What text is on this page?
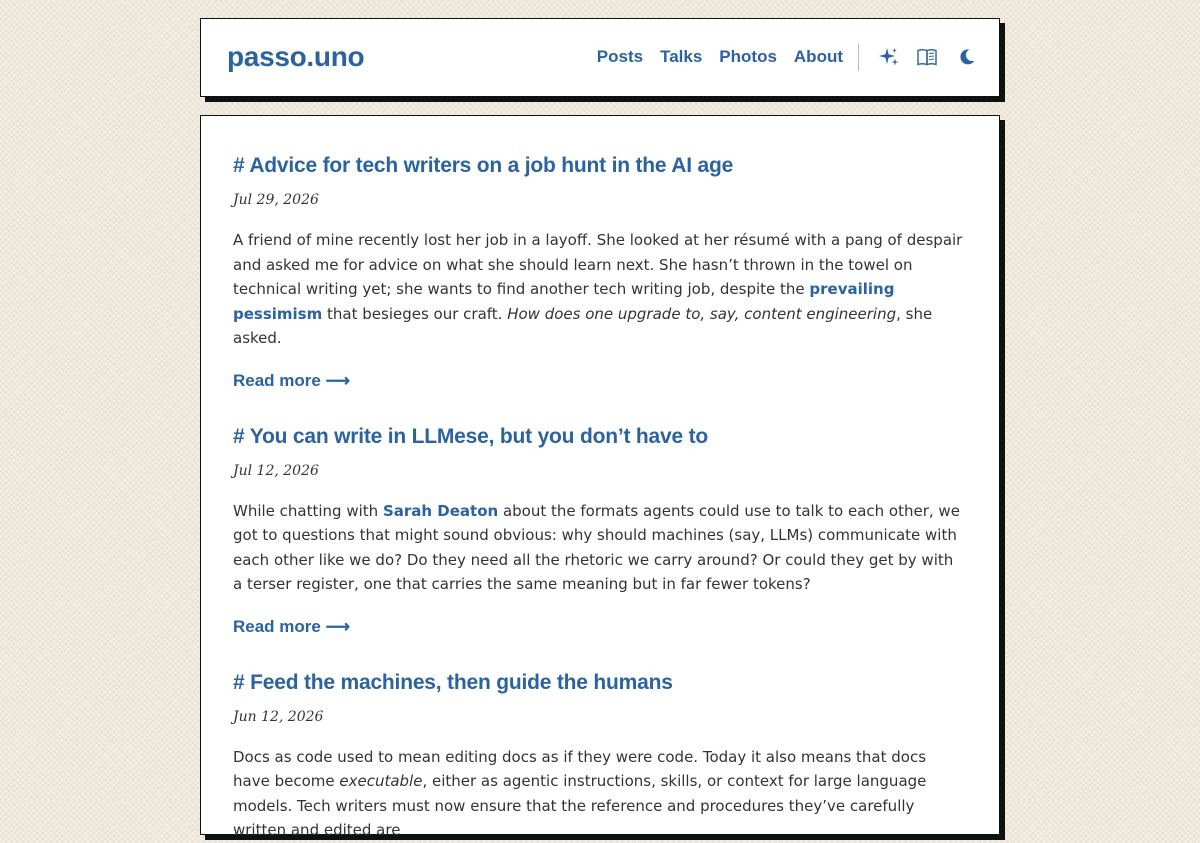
passo.uno	Posts Talks Photos About
# Advice for tech writers on a job hunt in the AI age
Jul 29, 2026

A friend of mine recently lost her job in a layoff. She looked at her résumé with a pang of despair and asked me for advice on what she should learn next. She hasn’t thrown in the towel on technical writing yet; she wants to find another tech writing job, despite the prevailing pessimism that besieges our craft. How does one upgrade to, say, content engineering, she asked.

Read more ⟶
# You can write in LLMese, but you don’t have to
Jul 12, 2026

While chatting with Sarah Deaton about the formats agents could use to talk to each other, we got to questions that might sound obvious: why should machines (say, LLMs) communicate with each other like we do? Do they need all the rhetoric we carry around? Or could they get by with a terser register, one that carries the same meaning but in far fewer tokens?

Read more ⟶
# Feed the machines, then guide the humans
Jun 12, 2026

Docs as code used to mean editing docs as if they were code. Today it also means that docs have become executable, either as agentic instructions, skills, or context for large language models. Tech writers must now ensure that the reference and procedures they’ve carefully written and edited are
